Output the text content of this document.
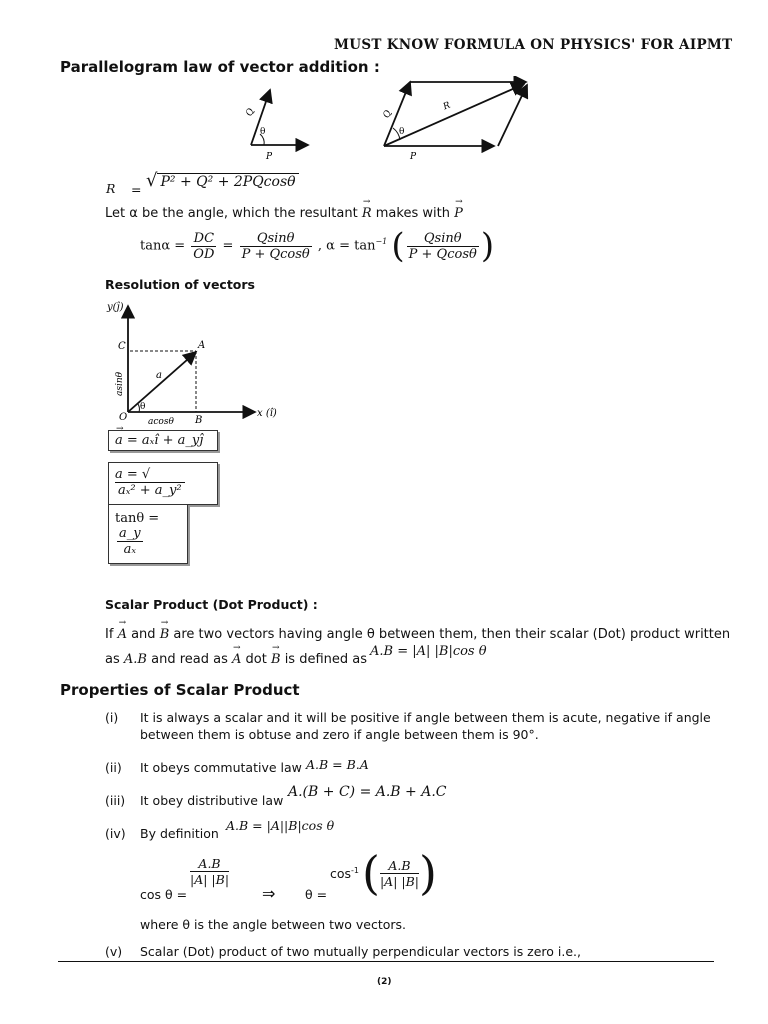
MUST KNOW FORMULA ON PHYSICS' FOR AIPMT
Parallelogram law of vector addition :
Q
θ
P
Q
θ
R
P
R = √ P² + Q² + 2PQcosθ
Let α be the angle, which the resultant R → makes with P →
$\tan\alpha = \frac{DC}{OD} = \frac{Qsin\theta}{P + Qcos\theta}$ , $\alpha = \tan^{-1}$ ( $\frac{Qsin\theta}{P + Qcos\theta}$ )
Resolution of vectors
y(ĵ)
x (î)
C	A
O	B
a
θ
acosθ
asinθ
a → = aₓî + a_yĵ
a = √aₓ² + a_y²
tanθ =
$\frac{a\_y}{\text{aₓ}}$
Scalar Product (Dot Product) :
If A → and B → are two vectors having angle θ between them, then their scalar (Dot) product written
as A.B and read as A → dot B → is defined as
A.B = |A| |B|cos θ
Properties of Scalar Product
(i) It is always a scalar and it will be positive if angle between them is acute, negative if angle
between them is obtuse and zero if angle between them is 90°.
(ii) It obeys commutative law A.B = B.A
(iii) It obey distributive law
A.(B + C) = A.B + A.C
(iv) By definition
A.B = |A||B|cos θ
cos θ =
A.B
|A| |B|
⇒ θ =
$\cos^{-1}$ ( $\frac{A.B}{|A| |B|}$ )
where θ is the angle between two vectors.
(v) Scalar (Dot) product of two mutually perpendicular vectors is zero i.e.,
(2)
